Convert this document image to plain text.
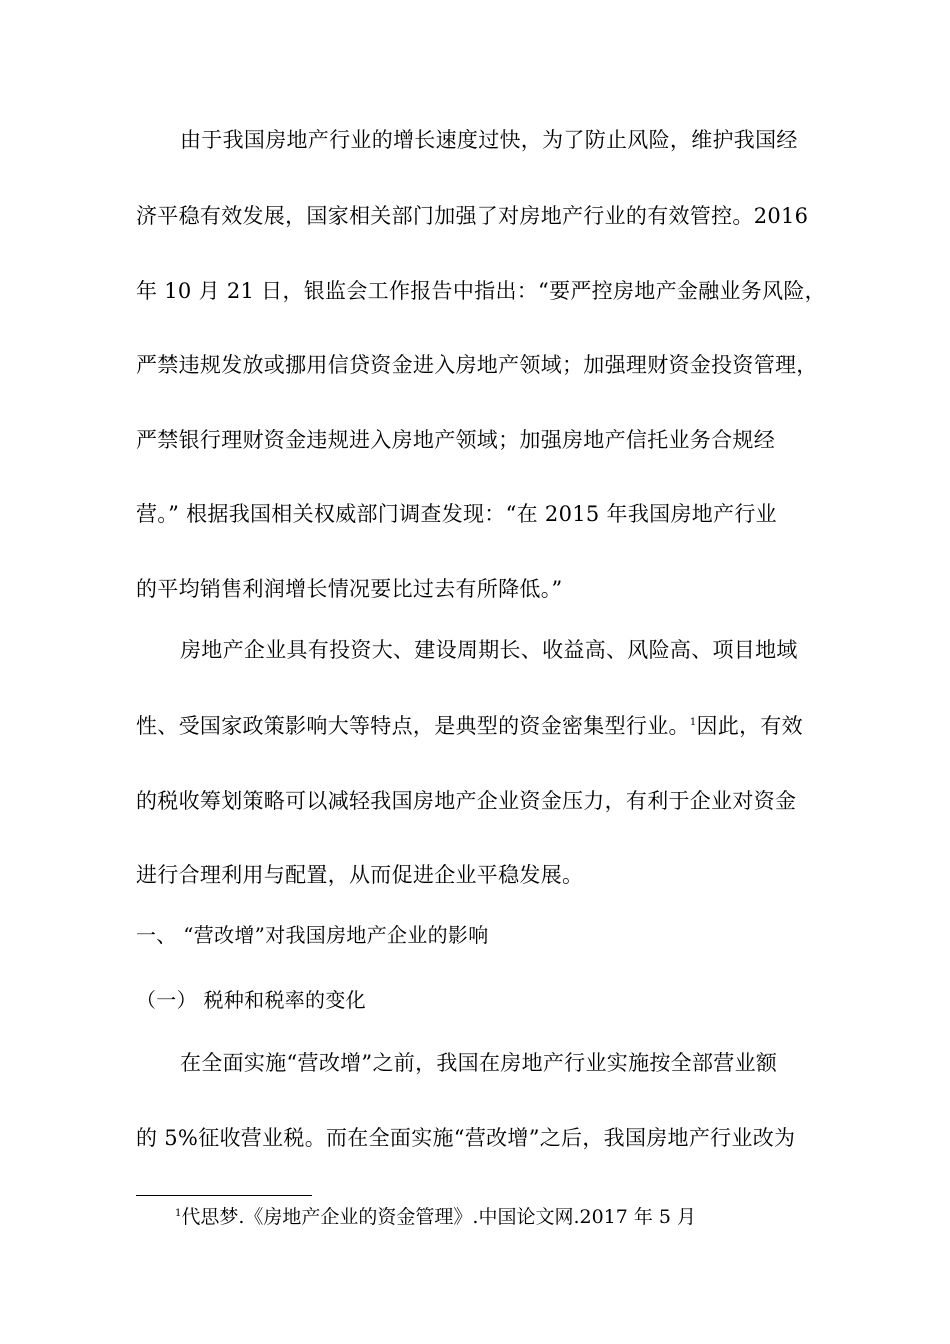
由于我国房地产行业的增长速度过快，为了防止风险，维护我国经
济平稳有效发展，国家相关部门加强了对房地产行业的有效管控。2016
年 10 月 21 日，银监会工作报告中指出：“要严控房地产金融业务风险，
严禁违规发放或挪用信贷资金进入房地产领域；加强理财资金投资管理，
严禁银行理财资金违规进入房地产领域；加强房地产信托业务合规经
营。” 根据我国相关权威部门调查发现：“在 2015 年我国房地产行业
的平均销售利润增长情况要比过去有所降低。”
房地产企业具有投资大、建设周期长、收益高、风险高、项目地域
性、受国家政策影响大等特点，是典型的资金密集型行业。$^1$因此，有效
的税收筹划策略可以减轻我国房地产企业资金压力，有利于企业对资金
进行合理利用与配置，从而促进企业平稳发展。
一、 “营改增”对我国房地产企业的影响
（一） 税种和税率的变化
在全面实施“营改增”之前，我国在房地产行业实施按全部营业额
的 5%征收营业税。而在全面实施“营改增”之后，我国房地产行业改为
$^1$代思梦.《房地产企业的资金管理》.中国论文网.2017 年 5 月
